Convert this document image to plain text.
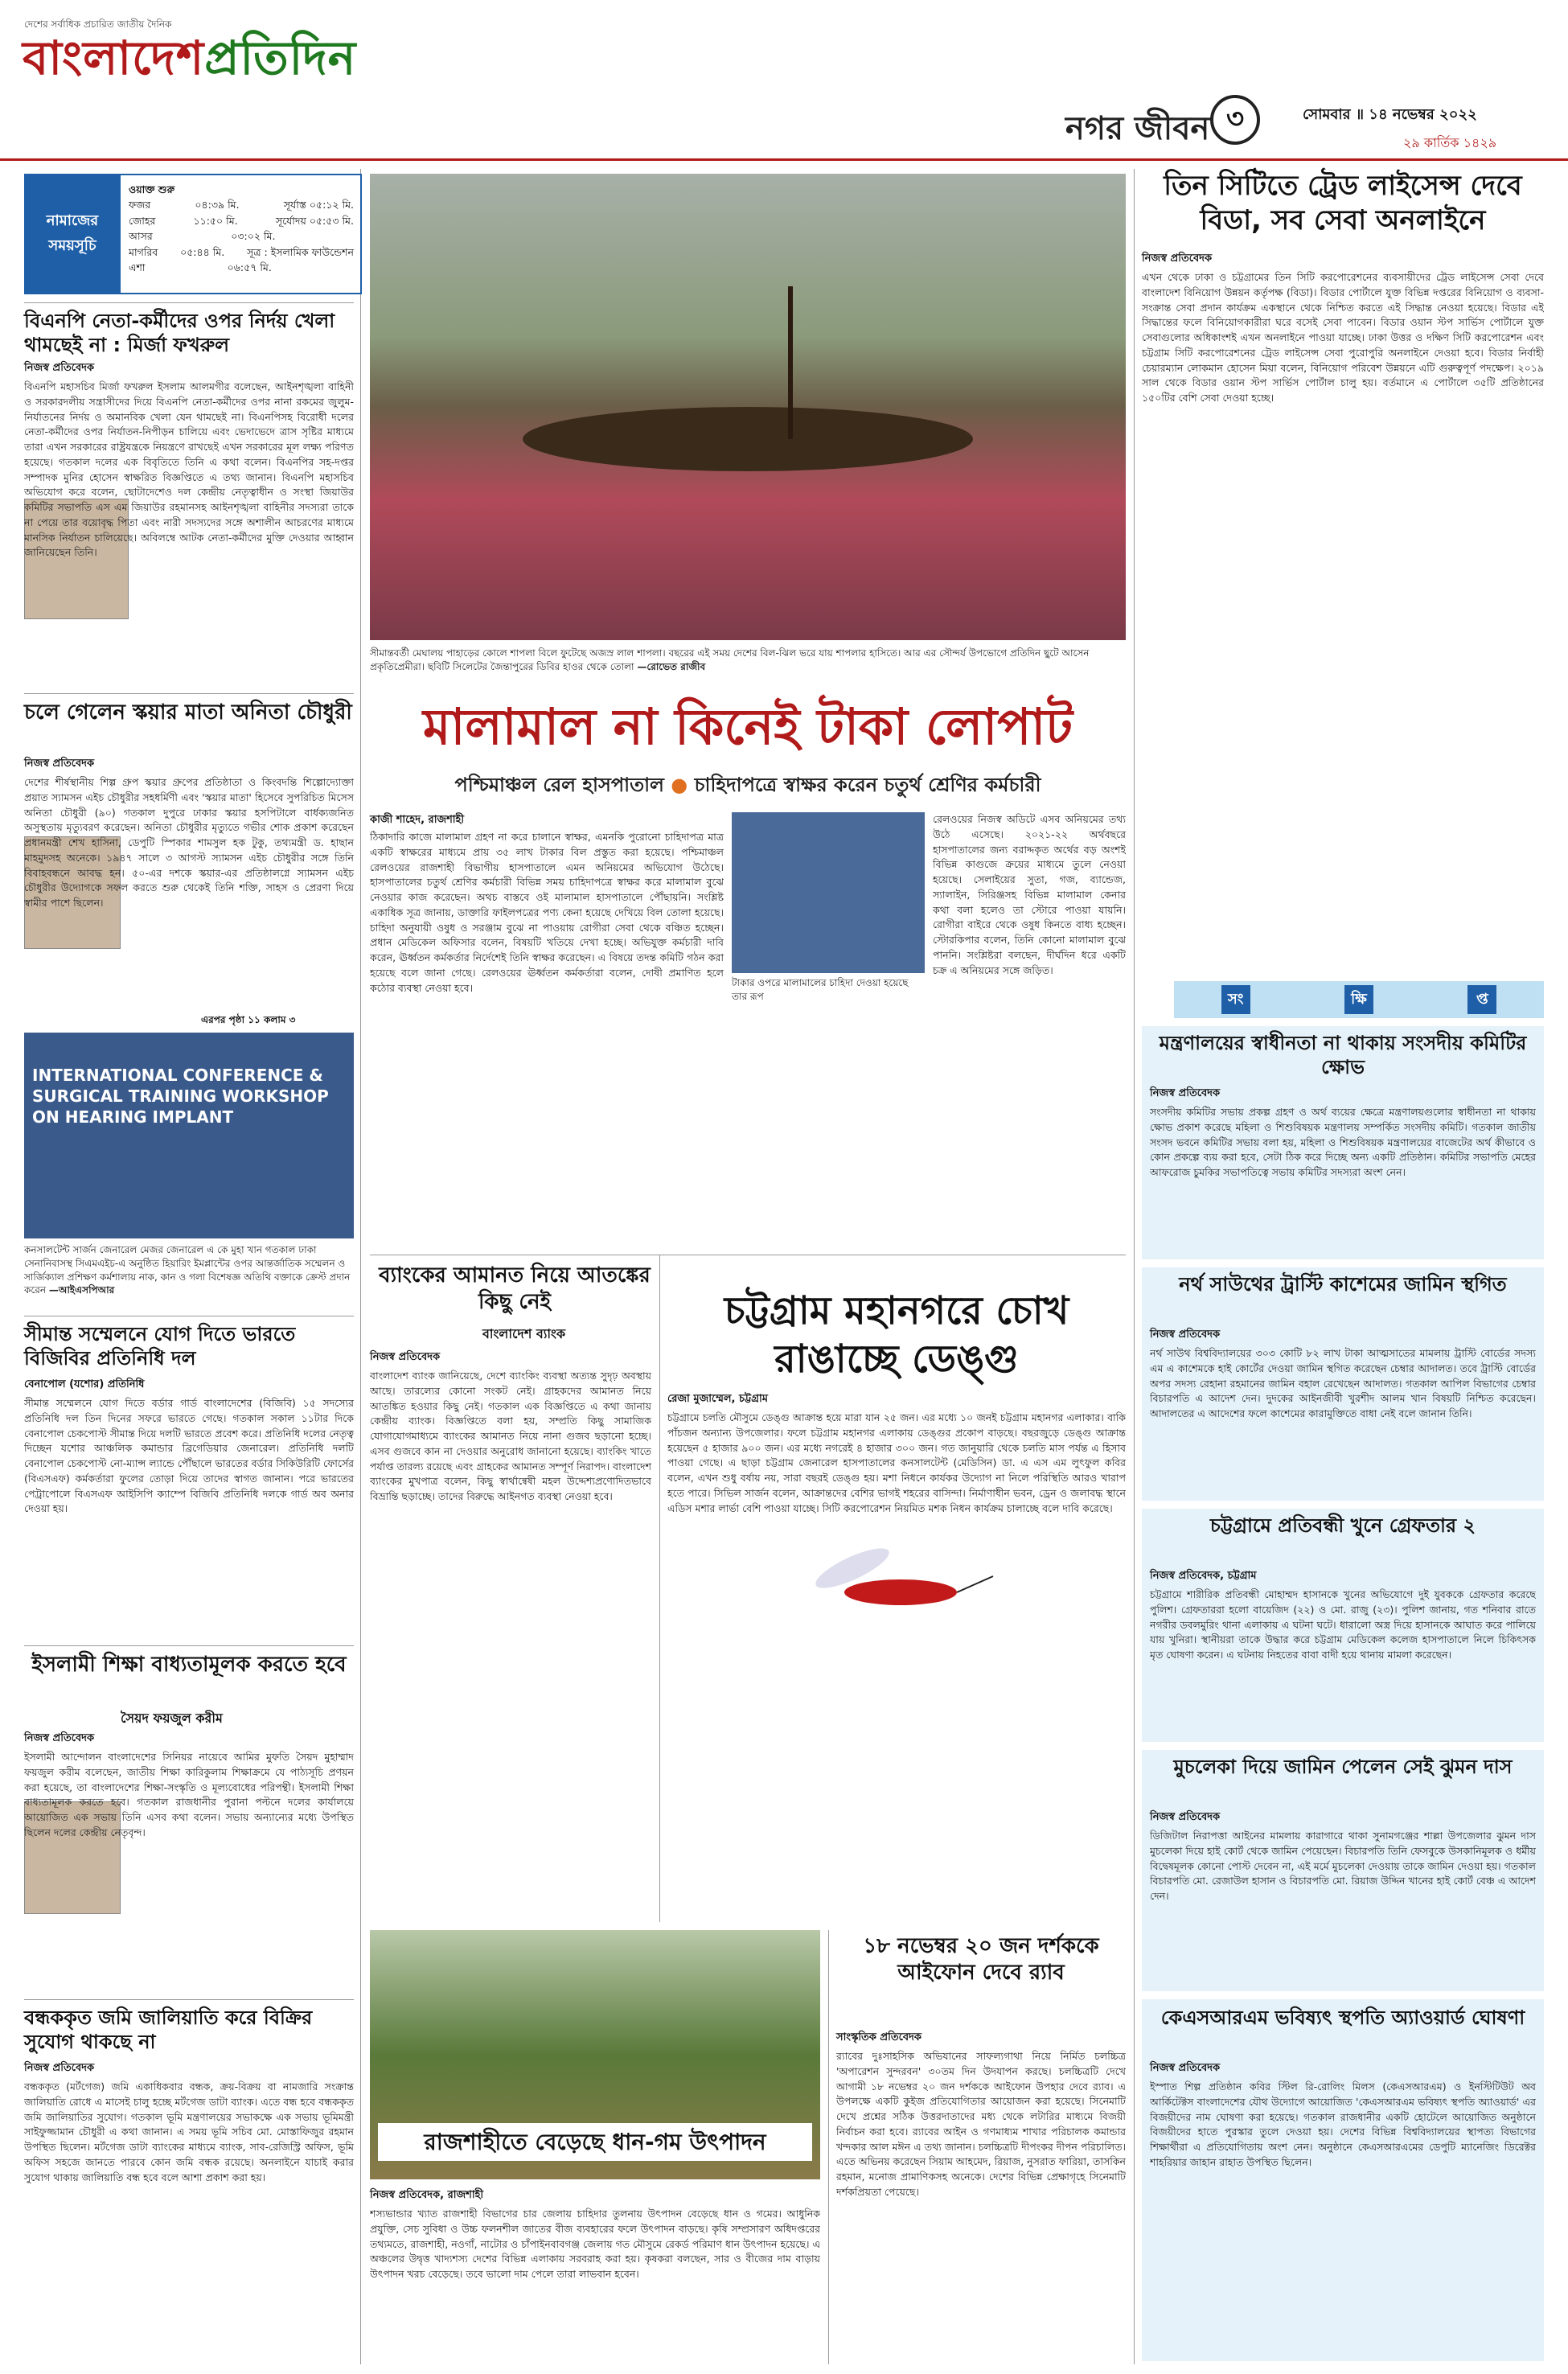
দেশের সর্বাধিক প্রচারিত জাতীয় দৈনিক
বাংলাদেশপ্রতিদিন
নগর জীবন ৩	সোমবার ॥ ১৪ নভেম্বর ২০২২
২৯ কার্তিক ১৪২৯
নামাজের সময়সূচি
ওয়াক্ত শুরু
ফজর	০৪:৩৯ মি.	সূর্যাস্ত ০৫:১২ মি.
জোহর	১১:৫০ মি.	সূর্যোদয় ০৫:৫৩ মি.
আসর	০৩:০২ মি.
মাগরিব ০৫:৪৪ মি. সূত্র : ইসলামিক ফাউন্ডেশন
এশা	০৬:৫৭ মি.
বিএনপি নেতা-কর্মীদের ওপর নির্দয় খেলা থামছেই না : মির্জা ফখরুল
নিজস্ব প্রতিবেদক
বিএনপি মহাসচিব মির্জা ফখরুল ইসলাম আলমগীর বলেছেন, আইনশৃঙ্খলা বাহিনী ও সরকারদলীয় সন্ত্রাসীদের দিয়ে বিএনপি নেতা-কর্মীদের ওপর নানা রকমের জুলুম-নির্যাতনের নির্দয় ও অমানবিক খেলা যেন থামছেই না। বিএনপিসহ বিরোধী দলের নেতা-কর্মীদের ওপর নির্যাতন-নিপীড়ন চালিয়ে এবং ভেদাভেদে ত্রাস সৃষ্টির মাধ্যমে তারা এখন সরকারের রাষ্ট্রযন্ত্রকে নিয়ন্ত্রণে রাখছেই এখন সরকারের মূল লক্ষ্য পরিণত হয়েছে। গতকাল দলের এক বিবৃতিতে তিনি এ কথা বলেন। বিএনপির সহ-দপ্তর সম্পাদক মুনির হোসেন স্বাক্ষরিত বিজ্ঞপ্তিতে এ তথ্য জানান। বিএনপি মহাসচিব অভিযোগ করে বলেন, ছোটাদেশেও দল কেন্দ্রীয় নেতৃত্বাধীন ও সংস্থা জিয়াউর কমিটির সভাপতি এস এম জিয়াউর রহমানসহ আইনশৃঙ্খলা বাহিনীর সদস্যরা তাকে না পেয়ে তার বয়োবৃদ্ধ পিতা এবং নারী সদস্যদের সঙ্গে অশালীন আচরণের মাধ্যমে মানসিক নির্যাতন চালিয়েছে। অবিলম্বে আটক নেতা-কর্মীদের মুক্তি দেওয়ার আহ্বান জানিয়েছেন তিনি।
চলে গেলেন স্কয়ার মাতা অনিতা চৌধুরী
নিজস্ব প্রতিবেদক
দেশের শীর্ষস্থানীয় শিল্প গ্রুপ স্কয়ার গ্রুপের প্রতিষ্ঠাতা ও কিংবদন্তি শিল্পোদ্যোক্তা প্রয়াত স্যামসন এইচ চৌধুরীর সহধর্মিণী এবং 'স্কয়ার মাতা' হিসেবে সুপরিচিত মিসেস অনিতা চৌধুরী (৯০) গতকাল দুপুরে ঢাকার স্কয়ার হসপিটালে বার্ধক্যজনিত অসুস্থতায় মৃত্যুবরণ করেছেন। অনিতা চৌধুরীর মৃত্যুতে গভীর শোক প্রকাশ করেছেন প্রধানমন্ত্রী শেখ হাসিনা, ডেপুটি স্পিকার শামসুল হক টুকু, তথ্যমন্ত্রী ড. হাছান মাহমুদসহ অনেকে। ১৯৪৭ সালে ৩ আগস্ট স্যামসন এইচ চৌধুরীর সঙ্গে তিনি বিবাহবন্ধনে আবদ্ধ হন। ৫০-এর দশকে স্কয়ার-এর প্রতিষ্ঠালগ্নে স্যামসন এইচ চৌধুরীর উদ্যোগকে সফল করতে শুরু থেকেই তিনি শক্তি, সাহস ও প্রেরণা দিয়ে স্বামীর পাশে ছিলেন।
এরপর পৃষ্ঠা ১১ কলাম ৩
INTERNATIONAL CONFERENCE & SURGICAL TRAINING WORKSHOP ON HEARING IMPLANT
কনসালটেন্ট সার্জন জেনারেল মেজর জেনারেল এ কে মুহা খান গতকাল ঢাকা সেনানিবাসস্থ সিএমএইচ-এ অনুষ্ঠিত হিয়ারিং ইমপ্লান্টের ওপর আন্তর্জাতিক সম্মেলন ও সার্জিক্যাল প্রশিক্ষণ কর্মশালায় নাক, কান ও গলা বিশেষজ্ঞ অতিথি বক্তাকে ক্রেস্ট প্রদান করেন —আইএসপিআর
সীমান্ত সম্মেলনে যোগ দিতে ভারতে বিজিবির প্রতিনিধি দল
বেনাপোল (যশোর) প্রতিনিধি
সীমান্ত সম্মেলনে যোগ দিতে বর্ডার গার্ড বাংলাদেশের (বিজিবি) ১৫ সদস্যের প্রতিনিধি দল তিন দিনের সফরে ভারতে গেছে। গতকাল সকাল ১১টার দিকে বেনাপোল চেকপোস্ট সীমান্ত দিয়ে দলটি ভারতে প্রবেশ করে। প্রতিনিধি দলের নেতৃত্ব দিচ্ছেন যশোর আঞ্চলিক কমান্ডার ব্রিগেডিয়ার জেনারেল। প্রতিনিধি দলটি বেনাপোল চেকপোস্ট নো-ম্যান্স ল্যান্ডে পৌঁছালে ভারতের বর্ডার সিকিউরিটি ফোর্সের (বিএসএফ) কর্মকর্তারা ফুলের তোড়া দিয়ে তাদের স্বাগত জানান। পরে ভারতের পেট্রাপোলে বিএসএফ আইসিপি ক্যাম্পে বিজিবি প্রতিনিধি দলকে গার্ড অব অনার দেওয়া হয়।
ইসলামী শিক্ষা বাধ্যতামূলক করতে হবে
সৈয়দ ফয়জুল করীম
নিজস্ব প্রতিবেদক
ইসলামী আন্দোলন বাংলাদেশের সিনিয়র নায়েবে আমির মুফতি সৈয়দ মুহাম্মাদ ফয়জুল করীম বলেছেন, জাতীয় শিক্ষা কারিকুলাম শিক্ষাক্রমে যে পাঠ্যসূচি প্রণয়ন করা হয়েছে, তা বাংলাদেশের শিক্ষা-সংস্কৃতি ও মূল্যবোধের পরিপন্থী। ইসলামী শিক্ষা বাধ্যতামূলক করতে হবে। গতকাল রাজধানীর পুরানা পল্টনে দলের কার্যালয়ে আয়োজিত এক সভায় তিনি এসব কথা বলেন। সভায় অন্যান্যের মধ্যে উপস্থিত ছিলেন দলের কেন্দ্রীয় নেতৃবৃন্দ।
বন্ধককৃত জমি জালিয়াতি করে বিক্রির সুযোগ থাকছে না
নিজস্ব প্রতিবেদক
বন্ধককৃত (মর্টগেজ) জমি একাধিকবার বন্ধক, ক্রয়-বিক্রয় বা নামজারি সংক্রান্ত জালিয়াতি রোধে এ মাসেই চালু হচ্ছে মর্টগেজ ডাটা ব্যাংক। এতে বন্ধ হবে বন্ধককৃত জমি জালিয়াতির সুযোগ। গতকাল ভূমি মন্ত্রণালয়ের সভাকক্ষে এক সভায় ভূমিমন্ত্রী সাইফুজ্জামান চৌধুরী এ কথা জানান। এ সময় ভূমি সচিব মো. মোস্তাফিজুর রহমান উপস্থিত ছিলেন। মর্টগেজ ডাটা ব্যাংকের মাধ্যমে ব্যাংক, সাব-রেজিস্ট্রি অফিস, ভূমি অফিস সহজে জানতে পারবে কোন জমি বন্ধক রয়েছে। অনলাইনে যাচাই করার সুযোগ থাকায় জালিয়াতি বন্ধ হবে বলে আশা প্রকাশ করা হয়।
সীমান্তবর্তী মেঘালয় পাহাড়ের কোলে শাপলা বিলে ফুটেছে অজস্র লাল শাপলা। বছরের এই সময় দেশের বিল-ঝিল ভরে যায় শাপলার হাসিতে। আর এর সৌন্দর্য উপভোগে প্রতিদিন ছুটে আসেন প্রকৃতিপ্রেমীরা। ছবিটি সিলেটের জৈন্তাপুরের ডিবির হাওর থেকে তোলা —রোভেত রাজীব
মালামাল না কিনেই টাকা লোপাট
পশ্চিমাঞ্চল রেল হাসপাতাল ● চাহিদাপত্রে স্বাক্ষর করেন চতুর্থ শ্রেণির কর্মচারী
কাজী শাহেদ, রাজশাহী
ঠিকাদারি কাজে মালামাল গ্রহণ না করে চালানে স্বাক্ষর, এমনকি পুরোনো চাহিদাপত্র মাত্র একটি স্বাক্ষরের মাধ্যমে প্রায় ৩৫ লাখ টাকার বিল প্রস্তুত করা হয়েছে। পশ্চিমাঞ্চল রেলওয়ের রাজশাহী বিভাগীয় হাসপাতালে এমন অনিয়মের অভিযোগ উঠেছে। হাসপাতালের চতুর্থ শ্রেণির কর্মচারী বিভিন্ন সময় চাহিদাপত্রে স্বাক্ষর করে মালামাল বুঝে নেওয়ার কাজ করেছেন। অথচ বাস্তবে ওই মালামাল হাসপাতালে পৌঁছায়নি। সংশ্লিষ্ট একাধিক সূত্র জানায়, ডাক্তারি ফাইলপত্রের পণ্য কেনা হয়েছে দেখিয়ে বিল তোলা হয়েছে। চাহিদা অনুযায়ী ওষুধ ও সরঞ্জাম বুঝে না পাওয়ায় রোগীরা সেবা থেকে বঞ্চিত হচ্ছেন। প্রধান মেডিকেল অফিসার বলেন, বিষয়টি খতিয়ে দেখা হচ্ছে। অভিযুক্ত কর্মচারী দাবি করেন, ঊর্ধ্বতন কর্মকর্তার নির্দেশেই তিনি স্বাক্ষর করেছেন। এ বিষয়ে তদন্ত কমিটি গঠন করা হয়েছে বলে জানা গেছে। রেলওয়ের ঊর্ধ্বতন কর্মকর্তারা বলেন, দোষী প্রমাণিত হলে কঠোর ব্যবস্থা নেওয়া হবে।	টাকার ওপরে মালামালের চাহিদা দেওয়া হয়েছে তার রূপ
রেলওয়ের নিজস্ব অডিটে এসব অনিয়মের তথ্য উঠে এসেছে। ২০২১-২২ অর্থবছরে হাসপাতালের জন্য বরাদ্দকৃত অর্থের বড় অংশই বিভিন্ন কাগুজে ক্রয়ের মাধ্যমে তুলে নেওয়া হয়েছে। সেলাইয়ের সুতা, গজ, ব্যান্ডেজ, স্যালাইন, সিরিঞ্জসহ বিভিন্ন মালামাল কেনার কথা বলা হলেও তা স্টোরে পাওয়া যায়নি। রোগীরা বাইরে থেকে ওষুধ কিনতে বাধ্য হচ্ছেন। স্টোরকিপার বলেন, তিনি কোনো মালামাল বুঝে পাননি। সংশ্লিষ্টরা বলছেন, দীর্ঘদিন ধরে একটি চক্র এ অনিয়মের সঙ্গে জড়িত।
ব্যাংকের আমানত নিয়ে আতঙ্কের কিছু নেই
বাংলাদেশ ব্যাংক
নিজস্ব প্রতিবেদক
বাংলাদেশ ব্যাংক জানিয়েছে, দেশে ব্যাংকিং ব্যবস্থা অত্যন্ত সুদৃঢ় অবস্থায় আছে। তারল্যের কোনো সংকট নেই। গ্রাহকদের আমানত নিয়ে আতঙ্কিত হওয়ার কিছু নেই। গতকাল এক বিজ্ঞপ্তিতে এ কথা জানায় কেন্দ্রীয় ব্যাংক। বিজ্ঞপ্তিতে বলা হয়, সম্প্রতি কিছু সামাজিক যোগাযোগমাধ্যমে ব্যাংকের আমানত নিয়ে নানা গুজব ছড়ানো হচ্ছে। এসব গুজবে কান না দেওয়ার অনুরোধ জানানো হয়েছে। ব্যাংকিং খাতে পর্যাপ্ত তারল্য রয়েছে এবং গ্রাহকের আমানত সম্পূর্ণ নিরাপদ। বাংলাদেশ ব্যাংকের মুখপাত্র বলেন, কিছু স্বার্থান্বেষী মহল উদ্দেশ্যপ্রণোদিতভাবে বিভ্রান্তি ছড়াচ্ছে। তাদের বিরুদ্ধে আইনগত ব্যবস্থা নেওয়া হবে।
চট্টগ্রাম মহানগরে চোখ রাঙাচ্ছে ডেঙ্গু
রেজা মুজাম্মেল, চট্টগ্রাম
চট্টগ্রামে চলতি মৌসুমে ডেঙ্গু আক্রান্ত হয়ে মারা যান ২৫ জন। এর মধ্যে ১০ জনই চট্টগ্রাম মহানগর এলাকার। বাকি পাঁচজন অন্যান্য উপজেলার। ফলে চট্টগ্রাম মহানগর এলাকায় ডেঙ্গুর প্রকোপ বাড়ছে। বছরজুড়ে ডেঙ্গু আক্রান্ত হয়েছেন ৫ হাজার ৯০০ জন। এর মধ্যে নগরেই ৪ হাজার ৩০০ জন। গত জানুয়ারি থেকে চলতি মাস পর্যন্ত এ হিসাব পাওয়া গেছে। এ ছাড়া চট্টগ্রাম জেনারেল হাসপাতালের কনসালটেন্ট (মেডিসিন) ডা. এ এস এম লুৎফুল কবির বলেন, এখন শুধু বর্ষায় নয়, সারা বছরই ডেঙ্গু হয়। মশা নিধনে কার্যকর উদ্যোগ না নিলে পরিস্থিতি আরও খারাপ হতে পারে। সিভিল সার্জন বলেন, আক্রান্তদের বেশির ভাগই শহরের বাসিন্দা। নির্মাণাধীন ভবন, ড্রেন ও জলাবদ্ধ স্থানে এডিস মশার লার্ভা বেশি পাওয়া যাচ্ছে। সিটি করপোরেশন নিয়মিত মশক নিধন কার্যক্রম চালাচ্ছে বলে দাবি করেছে।
রাজশাহীতে বেড়েছে ধান-গম উৎপাদন
নিজস্ব প্রতিবেদক, রাজশাহী
শস্যভান্ডার খ্যাত রাজশাহী বিভাগের চার জেলায় চাহিদার তুলনায় উৎপাদন বেড়েছে ধান ও গমের। আধুনিক প্রযুক্তি, সেচ সুবিধা ও উচ্চ ফলনশীল জাতের বীজ ব্যবহারের ফলে উৎপাদন বাড়ছে। কৃষি সম্প্রসারণ অধিদপ্তরের তথ্যমতে, রাজশাহী, নওগাঁ, নাটোর ও চাঁপাইনবাবগঞ্জ জেলায় গত মৌসুমে রেকর্ড পরিমাণ ধান উৎপাদন হয়েছে। এ অঞ্চলের উদ্বৃত্ত খাদ্যশস্য দেশের বিভিন্ন এলাকায় সরবরাহ করা হয়। কৃষকরা বলছেন, সার ও বীজের দাম বাড়ায় উৎপাদন খরচ বেড়েছে। তবে ভালো দাম পেলে তারা লাভবান হবেন।
১৮ নভেম্বর ২০ জন দর্শককে আইফোন দেবে র‌্যাব
সাংস্কৃতিক প্রতিবেদক
র‌্যাবের দুঃসাহসিক অভিযানের সাফল্যগাথা নিয়ে নির্মিত চলচ্চিত্র 'অপারেশন সুন্দরবন' ৩০তম দিন উদযাপন করছে। চলচ্চিত্রটি দেখে আগামী ১৮ নভেম্বর ২০ জন দর্শককে আইফোন উপহার দেবে র‌্যাব। এ উপলক্ষে একটি কুইজ প্রতিযোগিতার আয়োজন করা হয়েছে। সিনেমাটি দেখে প্রশ্নের সঠিক উত্তরদাতাদের মধ্য থেকে লটারির মাধ্যমে বিজয়ী নির্বাচন করা হবে। র‌্যাবের আইন ও গণমাধ্যম শাখার পরিচালক কমান্ডার খন্দকার আল মঈন এ তথ্য জানান। চলচ্চিত্রটি দীপংকর দীপন পরিচালিত। এতে অভিনয় করেছেন সিয়াম আহমেদ, রিয়াজ, নুসরাত ফারিয়া, তাসকিন রহমান, মনোজ প্রামাণিকসহ অনেকে। দেশের বিভিন্ন প্রেক্ষাগৃহে সিনেমাটি দর্শকপ্রিয়তা পেয়েছে।
তিন সিটিতে ট্রেড লাইসেন্স দেবে বিডা, সব সেবা অনলাইনে
নিজস্ব প্রতিবেদক
এখন থেকে ঢাকা ও চট্টগ্রামের তিন সিটি করপোরেশনের ব্যবসায়ীদের ট্রেড লাইসেন্স সেবা দেবে বাংলাদেশ বিনিয়োগ উন্নয়ন কর্তৃপক্ষ (বিডা)। বিডার পোর্টালে যুক্ত বিভিন্ন দপ্তরের বিনিয়োগ ও ব্যবসা-সংক্রান্ত সেবা প্রদান কার্যক্রম একস্থানে থেকে নিশ্চিত করতে এই সিদ্ধান্ত নেওয়া হয়েছে। বিডার এই সিদ্ধান্তের ফলে বিনিয়োগকারীরা ঘরে বসেই সেবা পাবেন। বিডার ওয়ান স্টপ সার্ভিস পোর্টালে যুক্ত সেবাগুলোর অধিকাংশই এখন অনলাইনে পাওয়া যাচ্ছে। ঢাকা উত্তর ও দক্ষিণ সিটি করপোরেশন এবং চট্টগ্রাম সিটি করপোরেশনের ট্রেড লাইসেন্স সেবা পুরোপুরি অনলাইনে দেওয়া হবে। বিডার নির্বাহী চেয়ারম্যান লোকমান হোসেন মিয়া বলেন, বিনিয়োগ পরিবেশ উন্নয়নে এটি গুরুত্বপূর্ণ পদক্ষেপ। ২০১৯ সাল থেকে বিডার ওয়ান স্টপ সার্ভিস পোর্টাল চালু হয়। বর্তমানে এ পোর্টালে ৩৫টি প্রতিষ্ঠানের ১৫০টির বেশি সেবা দেওয়া হচ্ছে।
সং	ক্ষি	প্ত
মন্ত্রণালয়ের স্বাধীনতা না থাকায় সংসদীয় কমিটির ক্ষোভ
নিজস্ব প্রতিবেদক
সংসদীয় কমিটির সভায় প্রকল্প গ্রহণ ও অর্থ ব্যয়ের ক্ষেত্রে মন্ত্রণালয়গুলোর স্বাধীনতা না থাকায় ক্ষোভ প্রকাশ করেছে মহিলা ও শিশুবিষয়ক মন্ত্রণালয় সম্পর্কিত সংসদীয় কমিটি। গতকাল জাতীয় সংসদ ভবনে কমিটির সভায় বলা হয়, মহিলা ও শিশুবিষয়ক মন্ত্রণালয়ের বাজেটের অর্থ কীভাবে ও কোন প্রকল্পে ব্যয় করা হবে, সেটা ঠিক করে দিচ্ছে অন্য একটি প্রতিষ্ঠান। কমিটির সভাপতি মেহের আফরোজ চুমকির সভাপতিত্বে সভায় কমিটির সদস্যরা অংশ নেন।
নর্থ সাউথের ট্রাস্টি কাশেমের জামিন স্থগিত
নিজস্ব প্রতিবেদক
নর্থ সাউথ বিশ্ববিদ্যালয়ের ৩০৩ কোটি ৮২ লাখ টাকা আত্মসাতের মামলায় ট্রাস্টি বোর্ডের সদস্য এম এ কাশেমকে হাই কোর্টের দেওয়া জামিন স্থগিত করেছেন চেম্বার আদালত। তবে ট্রাস্টি বোর্ডের অপর সদস্য রেহানা রহমানের জামিন বহাল রেখেছেন আদালত। গতকাল আপিল বিভাগের চেম্বার বিচারপতি এ আদেশ দেন। দুদকের আইনজীবী খুরশীদ আলম খান বিষয়টি নিশ্চিত করেছেন। আদালতের এ আদেশের ফলে কাশেমের কারামুক্তিতে বাধা নেই বলে জানান তিনি।
চট্টগ্রামে প্রতিবন্ধী খুনে গ্রেফতার ২
নিজস্ব প্রতিবেদক, চট্টগ্রাম
চট্টগ্রামে শারীরিক প্রতিবন্ধী মোহাম্মদ হাসানকে খুনের অভিযোগে দুই যুবককে গ্রেফতার করেছে পুলিশ। গ্রেফতাররা হলো বায়েজিদ (২২) ও মো. রাজু (২৩)। পুলিশ জানায়, গত শনিবার রাতে নগরীর ডবলমুরিং থানা এলাকায় এ ঘটনা ঘটে। ধারালো অস্ত্র দিয়ে হাসানকে আঘাত করে পালিয়ে যায় খুনিরা। স্থানীয়রা তাকে উদ্ধার করে চট্টগ্রাম মেডিকেল কলেজ হাসপাতালে নিলে চিকিৎসক মৃত ঘোষণা করেন। এ ঘটনায় নিহতের বাবা বাদী হয়ে থানায় মামলা করেছেন।
মুচলেকা দিয়ে জামিন পেলেন সেই ঝুমন দাস
নিজস্ব প্রতিবেদক
ডিজিটাল নিরাপত্তা আইনের মামলায় কারাগারে থাকা সুনামগঞ্জের শাল্লা উপজেলার ঝুমন দাস মুচলেকা দিয়ে হাই কোর্ট থেকে জামিন পেয়েছেন। বিচারপতি তিনি ফেসবুকে উসকানিমূলক ও ধর্মীয় বিদ্বেষমূলক কোনো পোস্ট দেবেন না, এই মর্মে মুচলেকা দেওয়ায় তাকে জামিন দেওয়া হয়। গতকাল বিচারপতি মো. রেজাউল হাসান ও বিচারপতি মো. রিয়াজ উদ্দিন খানের হাই কোর্ট বেঞ্চ এ আদেশ দেন।
কেএসআরএম ভবিষ্যৎ স্থপতি অ্যাওয়ার্ড ঘোষণা
নিজস্ব প্রতিবেদক
ইস্পাত শিল্প প্রতিষ্ঠান কবির স্টিল রি-রোলিং মিলস (কেএসআরএম) ও ইনস্টিটিউট অব আর্কিটেক্টস বাংলাদেশের যৌথ উদ্যোগে আয়োজিত 'কেএসআরএম ভবিষ্যৎ স্থপতি অ্যাওয়ার্ড' এর বিজয়ীদের নাম ঘোষণা করা হয়েছে। গতকাল রাজধানীর একটি হোটেলে আয়োজিত অনুষ্ঠানে বিজয়ীদের হাতে পুরস্কার তুলে দেওয়া হয়। দেশের বিভিন্ন বিশ্ববিদ্যালয়ের স্থাপত্য বিভাগের শিক্ষার্থীরা এ প্রতিযোগিতায় অংশ নেন। অনুষ্ঠানে কেএসআরএমের ডেপুটি ম্যানেজিং ডিরেক্টর শাহরিয়ার জাহান রাহাত উপস্থিত ছিলেন।
